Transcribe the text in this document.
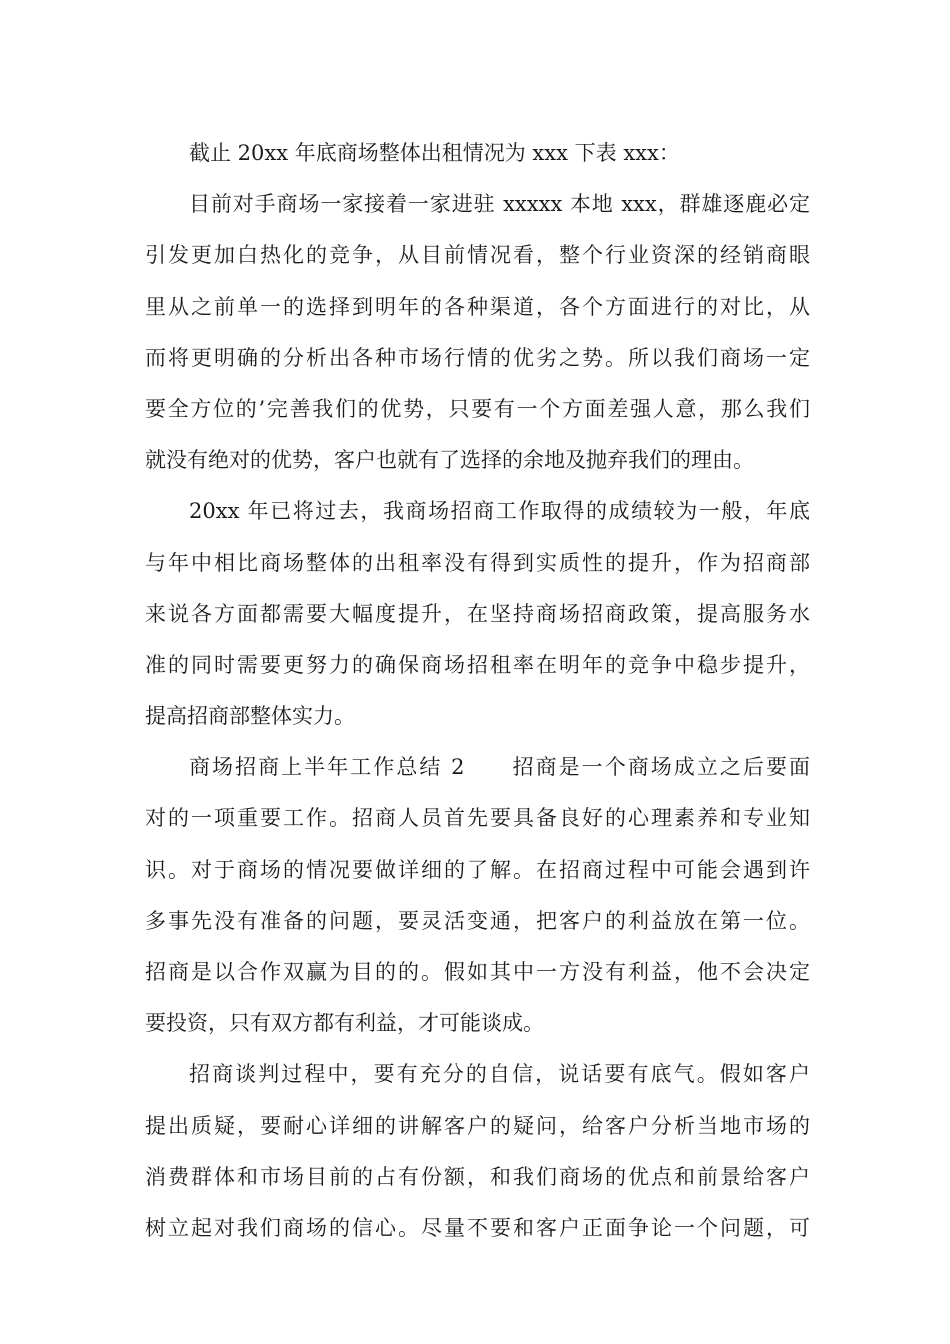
截止 20xx 年底商场整体出租情况为 xxx 下表 xxx：

目前对手商场一家接着一家进驻 xxxxx 本地 xxx，群雄逐鹿必定
引发更加白热化的竞争，从目前情况看，整个行业资深的经销商眼
里从之前单一的选择到明年的各种渠道，各个方面进行的对比，从
而将更明确的分析出各种市场行情的优劣之势。所以我们商场一定
要全方位的’完善我们的优势，只要有一个方面差强人意，那么我们
就没有绝对的优势，客户也就有了选择的余地及抛弃我们的理由。

20xx 年已将过去，我商场招商工作取得的成绩较为一般，年底
与年中相比商场整体的出租率没有得到实质性的提升，作为招商部
来说各方面都需要大幅度提升，在坚持商场招商政策，提高服务水
准的同时需要更努力的确保商场招租率在明年的竞争中稳步提升，
提高招商部整体实力。

商场招商上半年工作总结 2　　招商是一个商场成立之后要面
对的一项重要工作。招商人员首先要具备良好的心理素养和专业知
识。对于商场的情况要做详细的了解。在招商过程中可能会遇到许
多事先没有准备的问题，要灵活变通，把客户的利益放在第一位。
招商是以合作双赢为目的的。假如其中一方没有利益，他不会决定
要投资，只有双方都有利益，才可能谈成。

招商谈判过程中，要有充分的自信，说话要有底气。假如客户
提出质疑，要耐心详细的讲解客户的疑问，给客户分析当地市场的
消费群体和市场目前的占有份额，和我们商场的优点和前景给客户
树立起对我们商场的信心。尽量不要和客户正面争论一个问题，可
